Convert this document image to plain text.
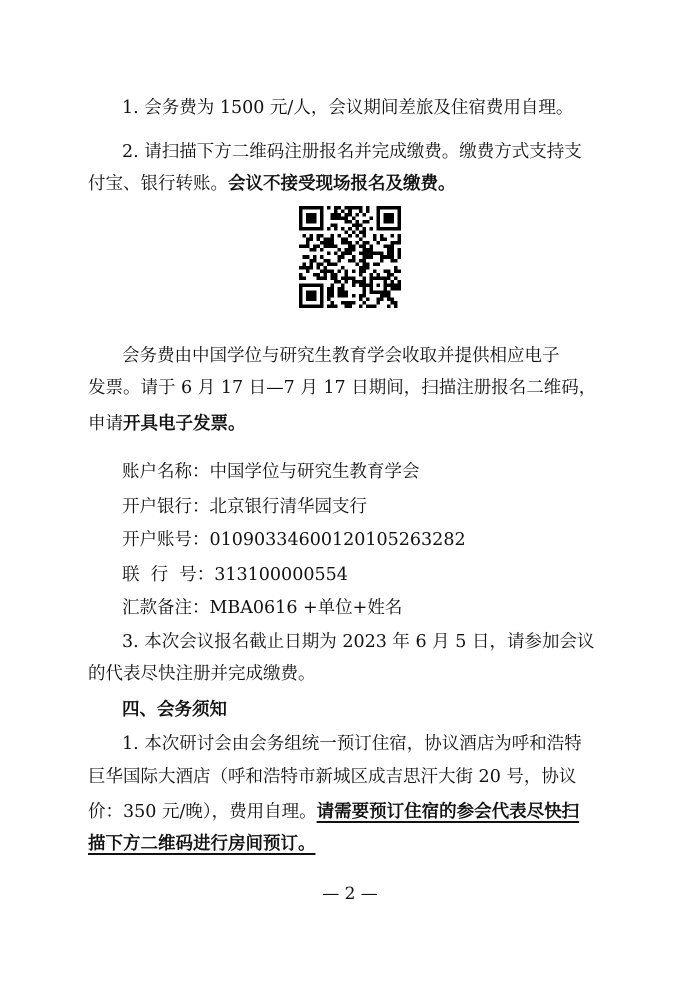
1. 会务费为 1500 元/人，会议期间差旅及住宿费用自理。
2. 请扫描下方二维码注册报名并完成缴费。缴费方式支持支
付宝、银行转账。会议不接受现场报名及缴费。
会务费由中国学位与研究生教育学会收取并提供相应电子
发票。请于 6 月 17 日—7 月 17 日期间，扫描注册报名二维码，
申请开具电子发票。
账户名称：中国学位与研究生教育学会
开户银行：北京银行清华园支行
开户账号：01090334600120105263282
联  行  号：313100000554
汇款备注：MBA0616 +单位+姓名
3. 本次会议报名截止日期为 2023 年 6 月 5 日，请参加会议
的代表尽快注册并完成缴费。
四、会务须知
1. 本次研讨会由会务组统一预订住宿，协议酒店为呼和浩特
巨华国际大酒店（呼和浩特市新城区成吉思汗大街 20 号，协议
价：350 元/晚），费用自理。请需要预订住宿的参会代表尽快扫
描下方二维码进行房间预订。
— 2 —
